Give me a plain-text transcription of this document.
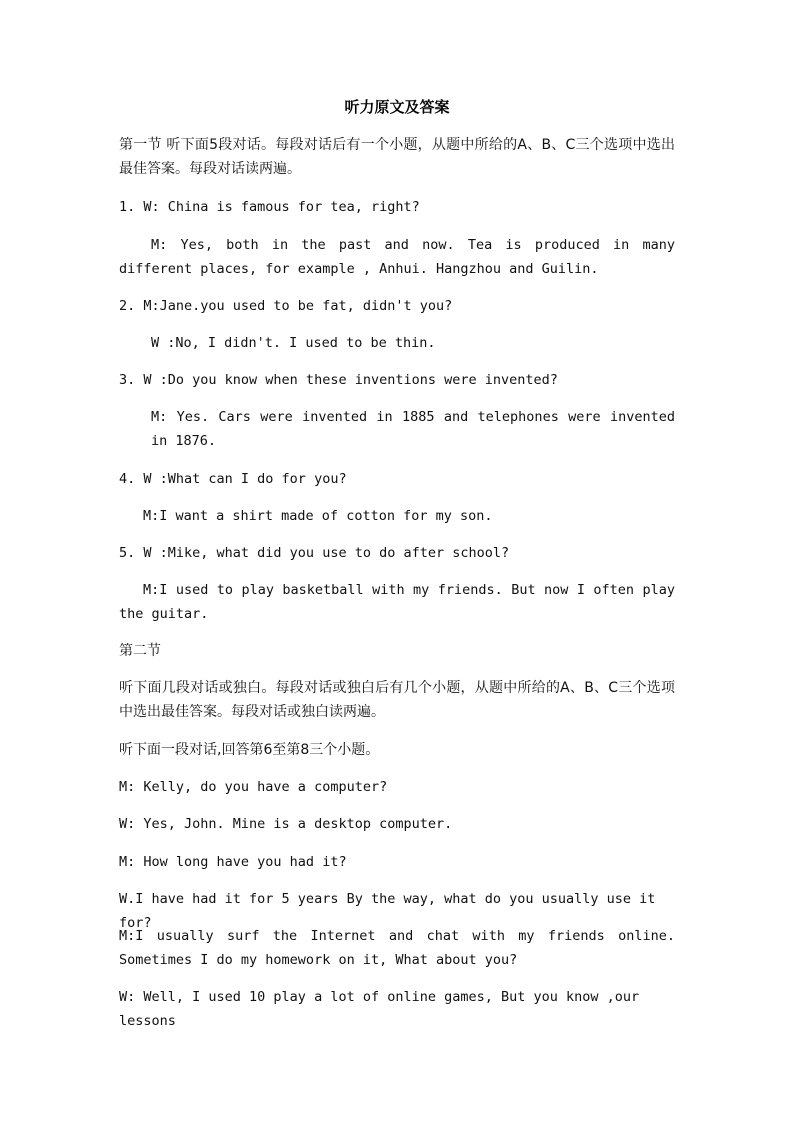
听力原文及答案
第一节 听下面5段对话。每段对话后有一个小题，从题中所给的A、B、C三个选项中选出最佳答案。每段对话读两遍。
1. W: China is famous for tea, right?
M: Yes, both in the past and now. Tea is produced in many different places, for example , Anhui. Hangzhou and Guilin.
2. M:Jane.you used to be fat, didn't you?
W :No, I didn't. I used to be thin.
3. W :Do you know when these inventions were invented?
M: Yes. Cars were invented in 1885 and telephones were invented in 1876.
4. W :What can I do for you?
M:I want a shirt made of cotton for my son.
5. W :Mike, what did you use to do after school?
M:I used to play basketball with my friends. But now I often play the guitar.
第二节
听下面几段对话或独白。每段对话或独白后有几个小题，从题中所给的A、B、C三个选项中选出最佳答案。每段对话或独白读两遍。
听下面一段对话,回答第6至第8三个小题。
M: Kelly, do you have a computer?
W: Yes, John. Mine is a desktop computer.
M: How long have you had it?
W.I have had it for 5 years By the way, what do you usually use it for?
M:I usually surf the Internet and chat with my friends online. Sometimes I do my homework on it, What about you?
W: Well, I used 10 play a lot of online games, But you know ,our lessons
